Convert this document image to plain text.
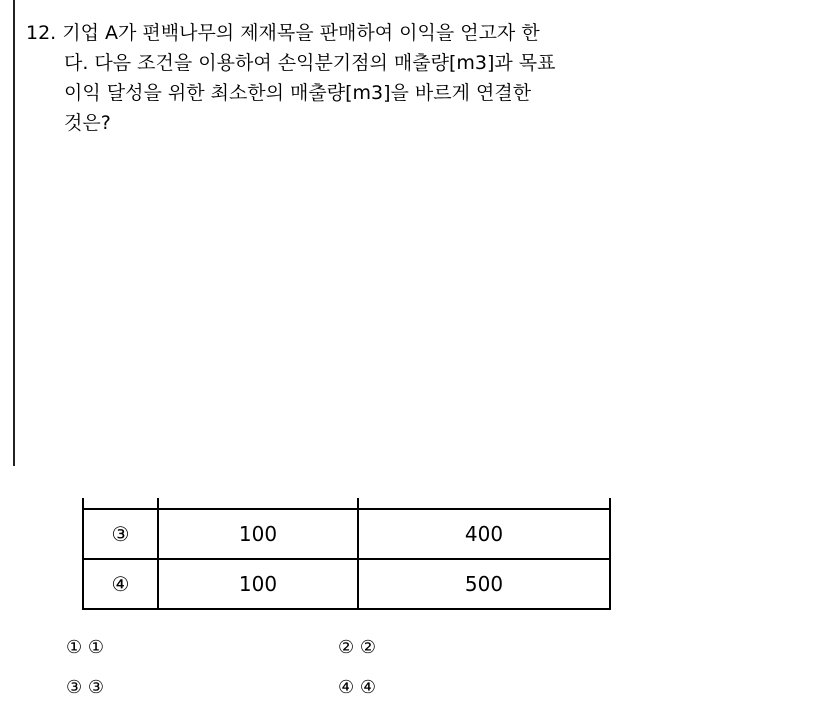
12. 기업 A가 편백나무의 제재목을 판매하여 이익을 얻고자 한
다. 다음 조건을 이용하여 손익분기점의 매출량[m3]과 목표
이익 달성을 위한 최소한의 매출량[m3]을 바르게 연결한
것은?

③	100	400
④	100	500
① ①	② ②
③ ③	④ ④
